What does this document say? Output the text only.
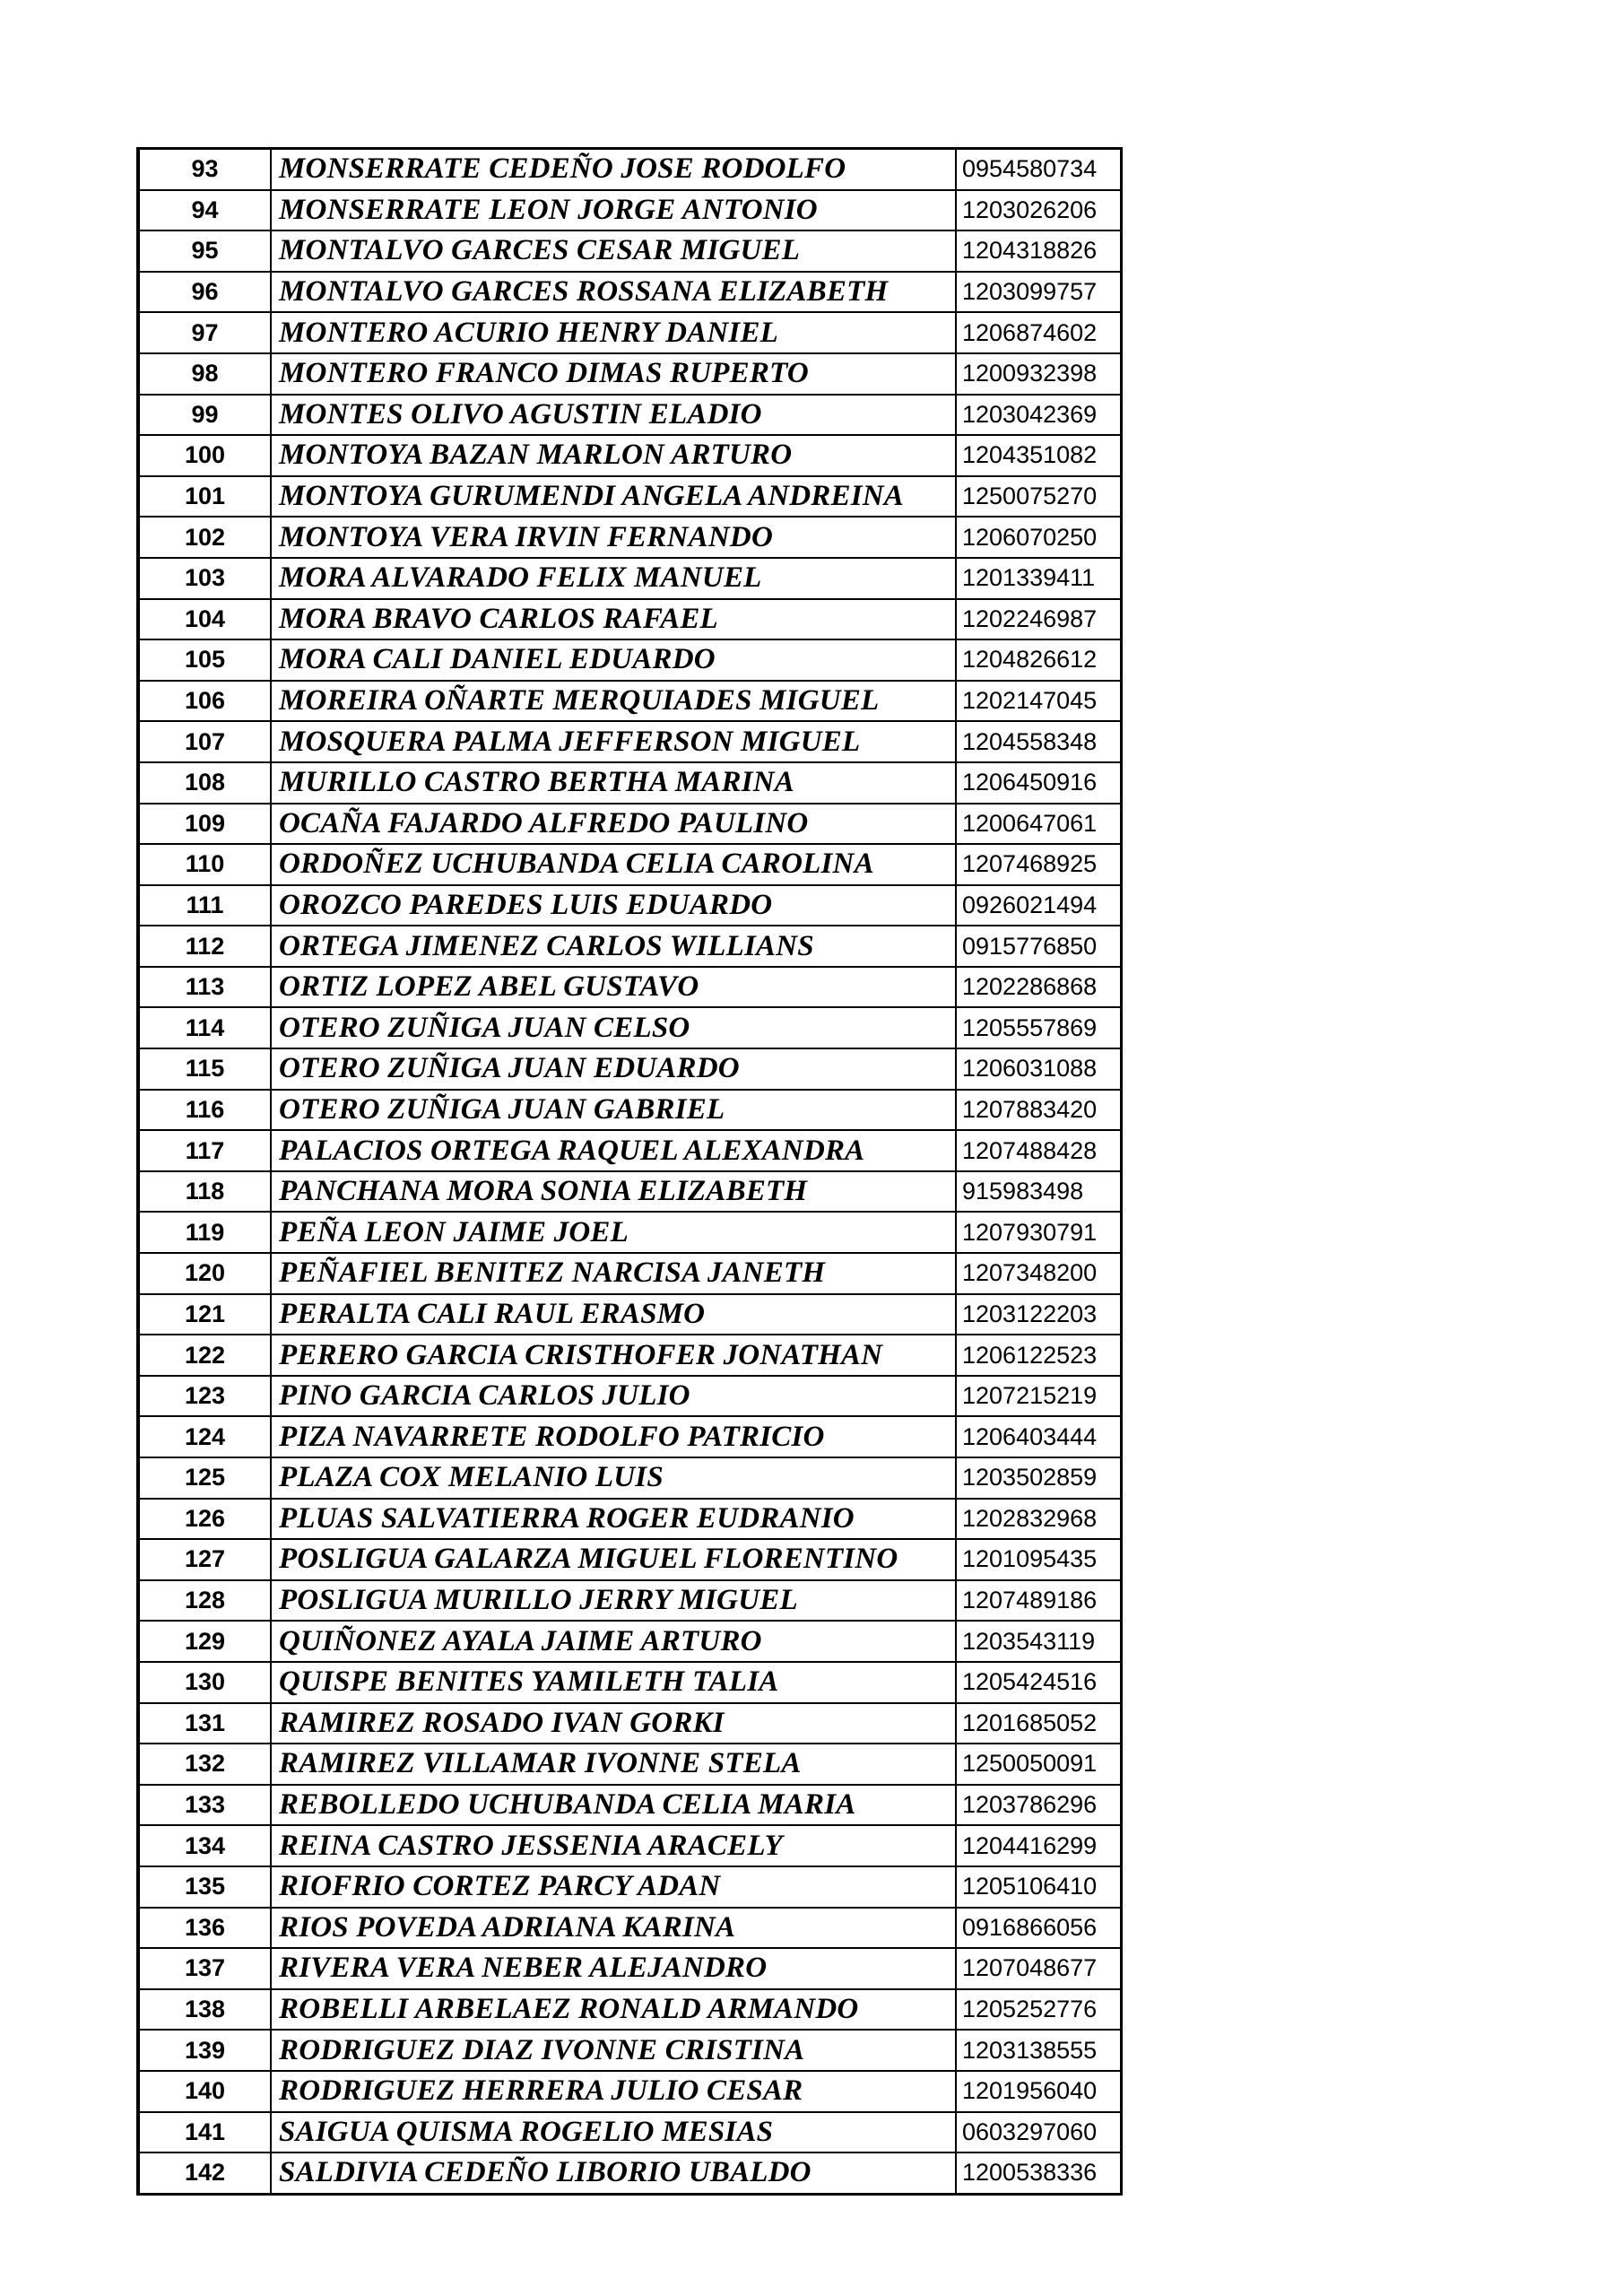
93	MONSERRATE CEDEÑO JOSE RODOLFO	0954580734
94	MONSERRATE LEON JORGE ANTONIO	1203026206
95	MONTALVO GARCES CESAR MIGUEL	1204318826
96	MONTALVO GARCES ROSSANA ELIZABETH	1203099757
97	MONTERO ACURIO HENRY DANIEL	1206874602
98	MONTERO FRANCO DIMAS RUPERTO	1200932398
99	MONTES OLIVO AGUSTIN ELADIO	1203042369
100	MONTOYA BAZAN MARLON ARTURO	1204351082
101	MONTOYA GURUMENDI ANGELA ANDREINA	1250075270
102	MONTOYA VERA IRVIN FERNANDO	1206070250
103	MORA ALVARADO FELIX MANUEL	1201339411
104	MORA BRAVO CARLOS RAFAEL	1202246987
105	MORA CALI DANIEL EDUARDO	1204826612
106	MOREIRA OÑARTE MERQUIADES MIGUEL	1202147045
107	MOSQUERA PALMA JEFFERSON MIGUEL	1204558348
108	MURILLO CASTRO BERTHA MARINA	1206450916
109	OCAÑA FAJARDO ALFREDO PAULINO	1200647061
110	ORDOÑEZ UCHUBANDA CELIA CAROLINA	1207468925
111	OROZCO PAREDES LUIS EDUARDO	0926021494
112	ORTEGA JIMENEZ CARLOS WILLIANS	0915776850
113	ORTIZ LOPEZ ABEL GUSTAVO	1202286868
114	OTERO ZUÑIGA JUAN CELSO	1205557869
115	OTERO ZUÑIGA JUAN EDUARDO	1206031088
116	OTERO ZUÑIGA JUAN GABRIEL	1207883420
117	PALACIOS ORTEGA RAQUEL ALEXANDRA	1207488428
118	PANCHANA MORA SONIA ELIZABETH	915983498
119	PEÑA LEON JAIME JOEL	1207930791
120	PEÑAFIEL BENITEZ NARCISA JANETH	1207348200
121	PERALTA CALI RAUL ERASMO	1203122203
122	PERERO GARCIA CRISTHOFER JONATHAN	1206122523
123	PINO GARCIA CARLOS JULIO	1207215219
124	PIZA NAVARRETE RODOLFO PATRICIO	1206403444
125	PLAZA COX MELANIO LUIS	1203502859
126	PLUAS SALVATIERRA ROGER EUDRANIO	1202832968
127	POSLIGUA GALARZA MIGUEL FLORENTINO	1201095435
128	POSLIGUA MURILLO JERRY MIGUEL	1207489186
129	QUIÑONEZ AYALA JAIME ARTURO	1203543119
130	QUISPE BENITES YAMILETH TALIA	1205424516
131	RAMIREZ ROSADO IVAN GORKI	1201685052
132	RAMIREZ VILLAMAR IVONNE STELA	1250050091
133	REBOLLEDO UCHUBANDA CELIA MARIA	1203786296
134	REINA CASTRO JESSENIA ARACELY	1204416299
135	RIOFRIO CORTEZ PARCY ADAN	1205106410
136	RIOS POVEDA ADRIANA KARINA	0916866056
137	RIVERA VERA NEBER ALEJANDRO	1207048677
138	ROBELLI ARBELAEZ RONALD ARMANDO	1205252776
139	RODRIGUEZ DIAZ IVONNE CRISTINA	1203138555
140	RODRIGUEZ HERRERA JULIO CESAR	1201956040
141	SAIGUA QUISMA ROGELIO MESIAS	0603297060
142	SALDIVIA CEDEÑO LIBORIO UBALDO	1200538336
